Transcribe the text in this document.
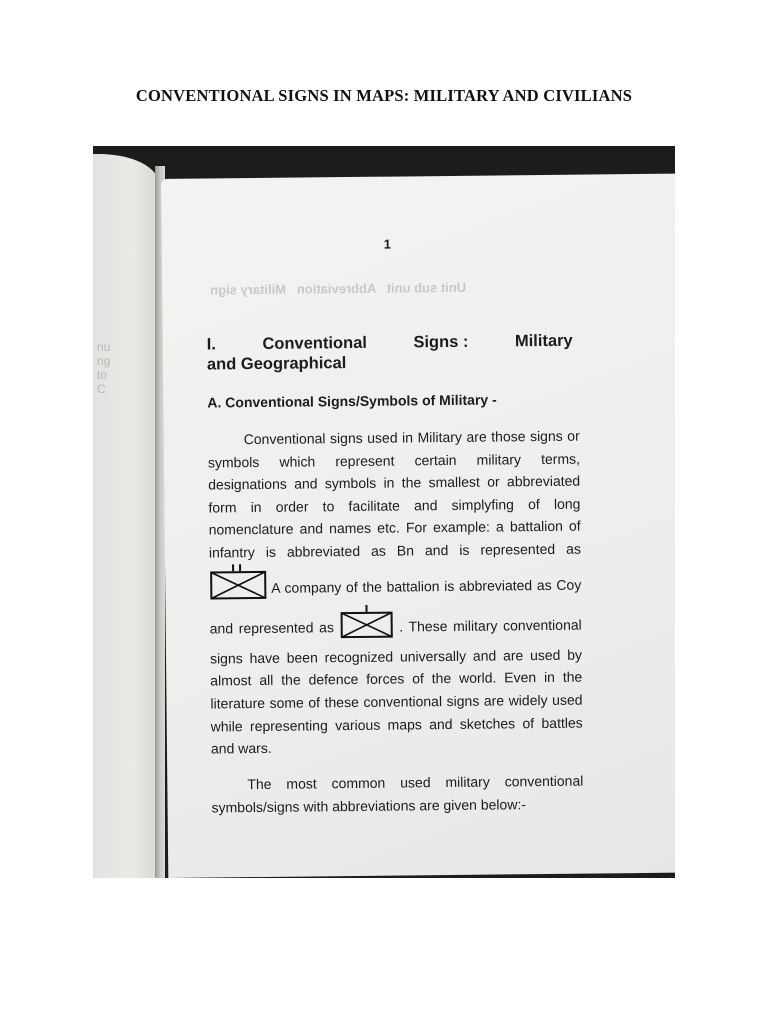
CONVENTIONAL SIGNS IN MAPS: MILITARY AND CIVILIANS
nu
ng
to
C
Unit sub unit   Abbreviation   Military sign
1
I.	Conventional	Signs :	Military
and Geographical
A. Conventional Signs/Symbols of Military -

Conventional signs used in Military are those signs or symbols which represent certain military terms, designations and symbols in the smallest or abbreviated form in order to facilitate and simplyfing of long nomenclature and names etc. For example: a battalion of infantry is abbreviated as Bn and is represented as  A company of the battalion is abbreviated as Coy and represented as	. These military conventional signs have been recognized universally and are used by almost all the defence forces of the world. Even in the literature some of these conventional signs are widely used while representing various maps and sketches of battles and wars.

The most common used military conventional symbols/signs with abbreviations are given below:-
